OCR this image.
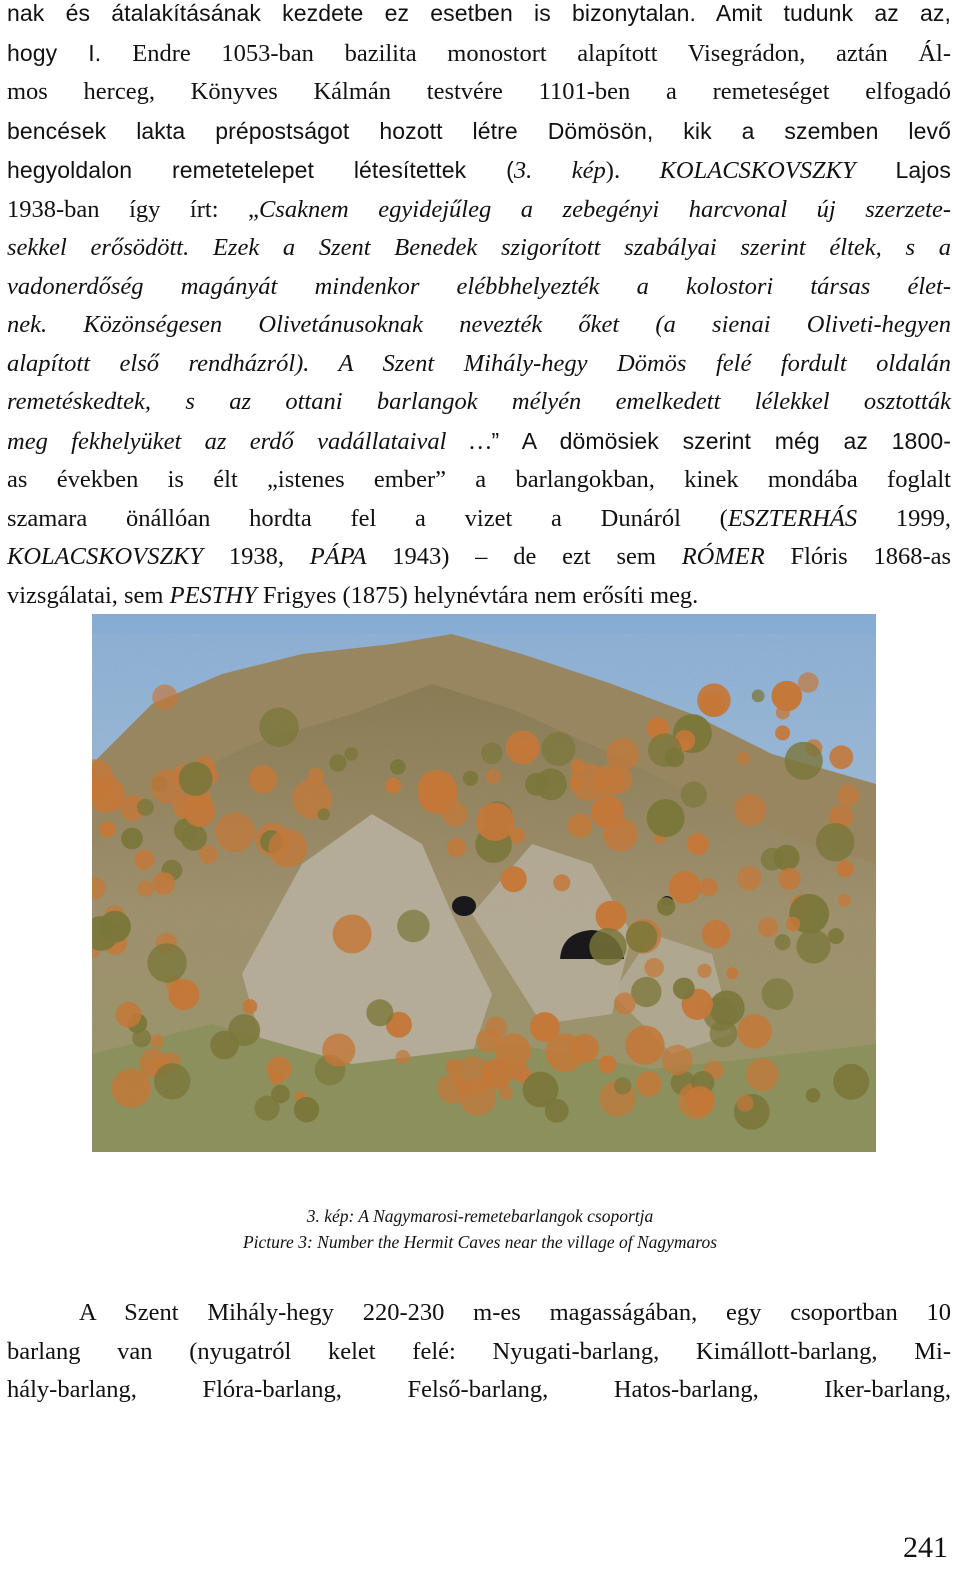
nak és átalakításának kezdete ez esetben is bizonytalan. Amit tudunk az az,
hogy I. Endre 1053-ban bazilita monostort alapított Visegrádon, aztán Ál-
mos herceg, Könyves Kálmán testvére 1101-ben a remeteséget elfogadó
bencések lakta prépostságot hozott létre Dömösön, kik a szemben levő
hegyoldalon remetetelepet létesítettek (3. kép). KOLACSKOVSZKY Lajos
1938-ban így írt: „Csaknem egyidejűleg a zebegényi harcvonal új szerzete-
sekkel erősödött. Ezek a Szent Benedek szigorított szabályai szerint éltek, s a
vadonerdőség magányát mindenkor elébbhelyezték a kolostori társas élet-
nek. Közönségesen Olivetánusoknak nevezték őket (a sienai Oliveti-hegyen
alapított első rendházról). A Szent Mihály-hegy Dömös felé fordult oldalán
remetéskedtek, s az ottani barlangok mélyén emelkedett lélekkel osztották
meg fekhelyüket az erdő vadállataival …” A dömösiek szerint még az 1800-
as években is élt „istenes ember” a barlangokban, kinek mondába foglalt
szamara önállóan hordta fel a vizet a Dunáról (ESZTERHÁS 1999,
KOLACSKOVSZKY 1938, PÁPA 1943) – de ezt sem RÓMER Flóris 1868-as
vizsgálatai, sem PESTHY Frigyes (1875) helynévtára nem erősíti meg.
3. kép: A Nagymarosi-remetebarlangok csoportja
Picture 3: Number the Hermit Caves near the village of Nagymaros
A Szent Mihály-hegy 220-230 m-es magasságában, egy csoportban 10
barlang van (nyugatról kelet felé: Nyugati-barlang, Kimállott-barlang, Mi-
hály-barlang, Flóra-barlang, Felső-barlang, Hatos-barlang, Iker-barlang,
241
